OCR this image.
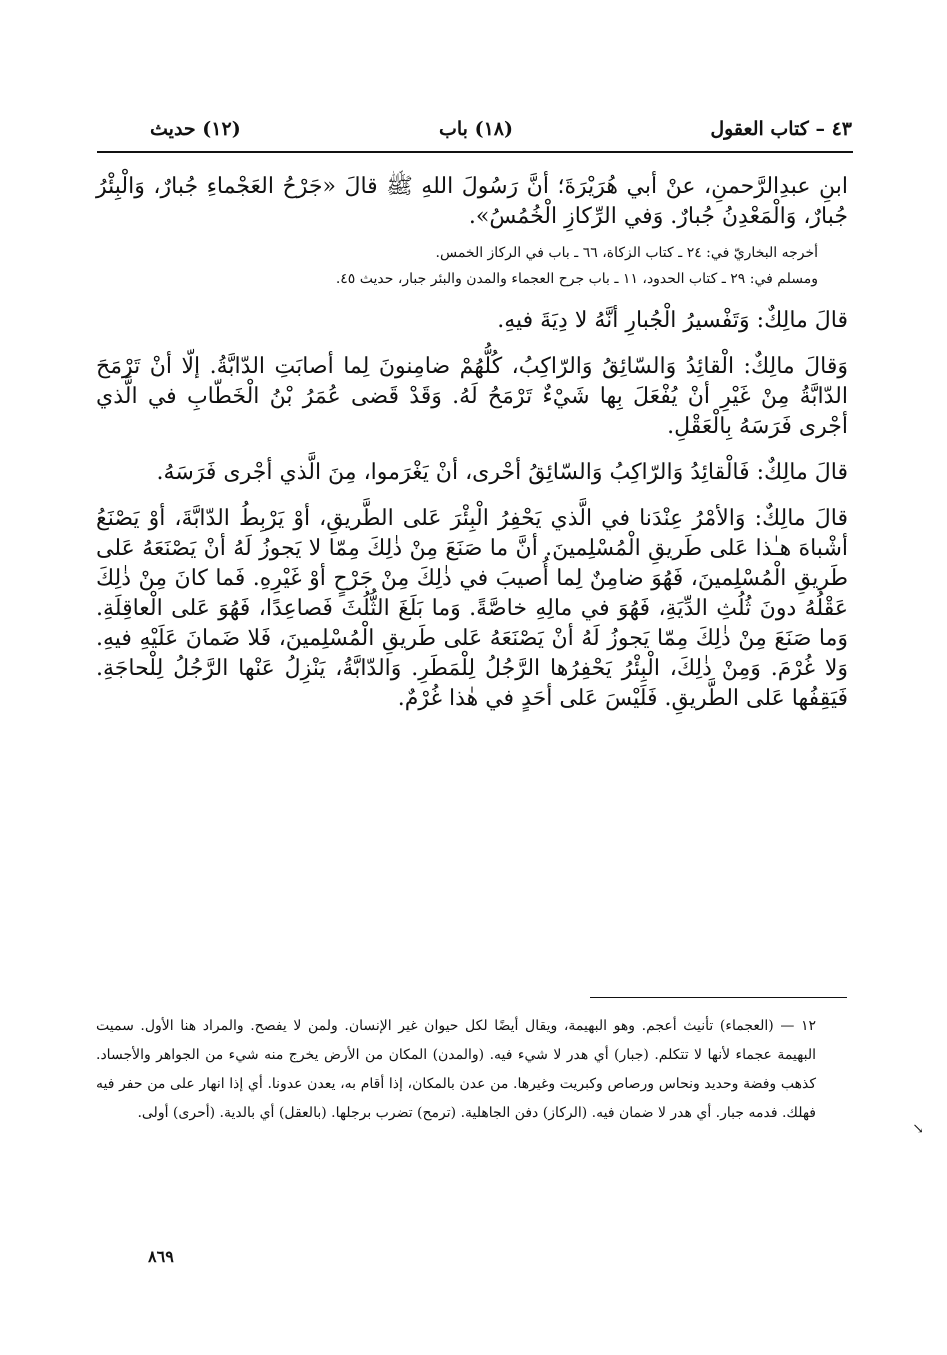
٤٣ – كتاب العقول
(١٨) باب
(١٢) حديث

ابنِ عبدِالرَّحمنِ، عنْ أبي هُرَيْرَةَ؛ أنَّ رَسُولَ اللهِ ﷺ قالَ «جَرْحُ العَجْماءِ جُبارٌ، وَالْبِئْرُ جُبارٌ، وَالْمَعْدِنُ جُبارٌ. وَفي الرِّكازِ الْخُمُسُ».

أخرجه البخاريّ في: ٢٤ ـ كتاب الزكاة، ٦٦ ـ باب في الركاز الخمس.

ومسلم في: ٢٩ ـ كتاب الحدود، ١١ ـ باب جرح العجماء والمدن والبئر جبار، حديث ٤٥.

قالَ مالِكٌ: وَتَفْسيرُ الْجُبارِ أنَّهُ لا دِيَةَ فيهِ.

وَقالَ مالِكٌ: الْقائِدُ وَالسّائِقُ وَالرّاكِبُ، كُلُّهُمْ ضامِنونَ لِما أصابَتِ الدّابَّةُ. إلّا أنْ تَرْمَحَ الدّابَّةُ مِنْ غَيْرِ أنْ يُفْعَلَ بِها شَيْءٌ تَرْمَحُ لَهُ. وَقَدْ قَضى عُمَرُ بْنُ الْخَطّابِ في الَّذي أجْرى فَرَسَهُ بِالْعَقْلِ.

قالَ مالِكٌ: فَالْقائِدُ وَالرّاكِبُ وَالسّائِقُ أحْرى، أنْ يَغْرَموا، مِنَ الَّذي أجْرى فَرَسَهُ.

قالَ مالِكٌ: وَالأمْرُ عِنْدَنا في الَّذي يَحْفِرُ الْبِئْرَ عَلى الطَّريقِ، أوْ يَرْبِطُ الدّابَّةَ، أوْ يَصْنَعُ أشْباهَ هـٰذا عَلى طَريقِ الْمُسْلِمينَ. أنَّ ما صَنَعَ مِنْ ذٰلِكَ مِمّا لا يَجوزُ لَهُ أنْ يَصْنَعَهُ عَلى طَريقِ الْمُسْلِمينَ، فَهُوَ ضامِنٌ لِما أُصيبَ في ذٰلِكَ مِنْ جَرْحٍ أوْ غَيْرِهِ. فَما كانَ مِنْ ذٰلِكَ عَقْلُهُ دونَ ثُلُثِ الدِّيَةِ، فَهُوَ في مالِهِ خاصَّةً. وَما بَلَغَ الثُّلُثَ فَصاعِدًا، فَهُوَ عَلى الْعاقِلَةِ. وَما صَنَعَ مِنْ ذٰلِكَ مِمّا يَجوزُ لَهُ أنْ يَصْنَعَهُ عَلى طَريقِ الْمُسْلِمينَ، فَلا ضَمانَ عَلَيْهِ فيهِ. وَلا غُرْمَ. وَمِنْ ذٰلِكَ، الْبِئْرُ يَحْفِرُها الرَّجُلُ لِلْمَطَرِ. وَالدّابَّةُ، يَنْزِلُ عَنْها الرَّجُلُ لِلْحاجَةِ. فَيَقِفُها عَلى الطَّريقِ. فَلَيْسَ عَلى أحَدٍ في هٰذا غُرْمٌ.

١٢ — (العجماء) تأنيث أعجم. وهو البهيمة، ويقال أيضًا لكل حيوان غير الإنسان. ولمن لا يفصح. والمراد هنا الأول. سميت البهيمة عجماء لأنها لا تتكلم. (جبار) أي هدر لا شيء فيه. (والمدن) المكان من الأرض يخرج منه شيء من الجواهر والأجساد. كذهب وفضة وحديد ونحاس ورصاص وكبريت وغيرها. من عدن بالمكان، إذا أقام به، يعدن عدونا. أي إذا انهار على من حفر فيه فهلك. فدمه جبار. أي هدر لا ضمان فيه. (الركاز) دفن الجاهلية. (ترمح) تضرب برجلها. (بالعقل) أي بالدية. (أحرى) أولى.

↘
٨٦٩
